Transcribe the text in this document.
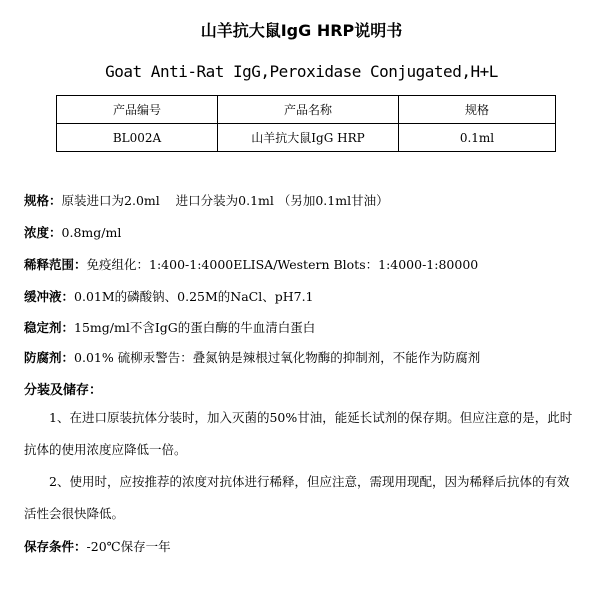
山羊抗大鼠IgG HRP说明书
Goat Anti-Rat IgG,Peroxidase Conjugated,H+L
产品编号	产品名称	规格
BL002A	山羊抗大鼠IgG HRP	0.1ml
规格：原装进口为2.0ml    进口分装为0.1ml （另加0.1ml甘油）
浓度：0.8mg/ml
稀释范围：免疫组化：1:400-1:4000ELISA/Western Blots：1:4000-1:80000
缓冲液：0.01M的磷酸钠、0.25M的NaCl、pH7.1
稳定剂：15mg/ml不含IgG的蛋白酶的牛血清白蛋白
防腐剂：0.01% 硫柳汞警告：叠氮钠是辣根过氧化物酶的抑制剂，不能作为防腐剂
分装及储存：
1、在进口原装抗体分装时，加入灭菌的50%甘油，能延长试剂的保存期。但应注意的是，此时抗体的使用浓度应降低一倍。
2、使用时，应按推荐的浓度对抗体进行稀释，但应注意，需现用现配，因为稀释后抗体的有效活性会很快降低。
保存条件：-20℃保存一年
